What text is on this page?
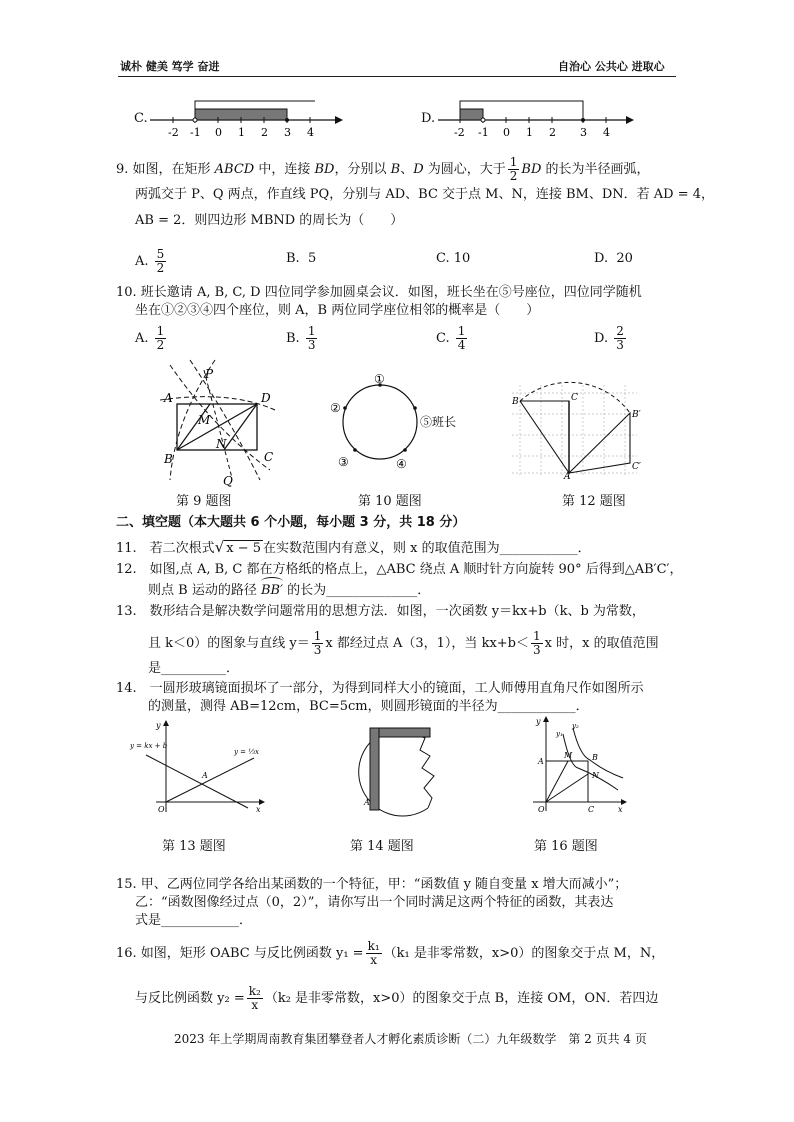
诚朴 健美 笃学 奋进	自治心 公共心 进取心
C.
-2 -1 0 1 2 3 4
D.
-2 -1 0 1 2 3 4
9. 如图，在矩形 ABCD 中，连接 BD，分别以 B、D 为圆心，大于 $\frac{1}{2}$ BD 的长为半径画弧，
两弧交于 P、Q 两点，作直线 PQ，分别与 AD、BC 交于点 M、N，连接 BM、DN．若 AD = 4，
AB = 2．则四边形 MBND 的周长为（　　）
A. $\frac{5}{2}$	B. 5	C. 10	D. 20
10. 班长邀请 A, B, C, D 四位同学参加圆桌会议．如图，班长坐在⑤号座位，四位同学随机
坐在①②③④四个座位，则 A，B 两位同学座位相邻的概率是（　　）
A. $\frac{1}{2}$	B. $\frac{1}{3}$	C. $\frac{1}{4}$	D. $\frac{2}{3}$
P
A
M
D
N
B	C
Q
第 9 题图
①
②
③	④
⑤班长
第 10 题图
B	C
B′
A
C′
第 12 题图
二、填空题（本大题共 6 个小题，每小题 3 分，共 18 分）
11.　若二次根式√ x − 5 在实数范围内有意义，则 x 的取值范围为____________．
12.　如图,点 A, B, C 都在方格纸的格点上，△ABC 绕点 A 顺时针方向旋转 90° 后得到△AB′C′，
则点 B 运动的路径 BB′ 的长为______________．
13.　数形结合是解决数学问题常用的思想方法．如图，一次函数 y＝kx+b（k、b 为常数，
且 k＜0）的图象与直线 $y= \frac{1}{3}$ x 都经过点 A（3，1），当 $kx+b< \frac{1}{3}$ x 时，x 的取值范围
是__________．
14.　一圆形玻璃镜面损坏了一部分，为得到同样大小的镜面，工人师傅用直角尺作如图所示
的测量，测得 AB=12cm，BC=5cm，则圆形镜面的半径为____________．
y
x
O
A
y = kx + b
y = ⅓x
第 13 题图
A
第 14 题图
y
x
O
A	B
C
M
N
y₁
y₂
第 16 题图
15. 甲、乙两位同学各给出某函数的一个特征，甲：“函数值 y 随自变量 x 增大而减小”；
乙：“函数图像经过点（0，2）”，请你写出一个同时满足这两个特征的函数，其表达
式是____________．
16. 如图，矩形 OABC 与反比例函数 $y_1 = \frac{\text{k₁}}{x} (k_1$ 是非零常数，x>0）的图象交于点 M，N，
与反比例函数 $y_2 = \frac{\text{k₂}}{x} (k_2$ 是非零常数，x>0）的图象交于点 B，连接 OM，ON．若四边
2023 年上学期周南教育集团攀登者人才孵化素质诊断（二）九年级数学　第 2 页共 4 页
